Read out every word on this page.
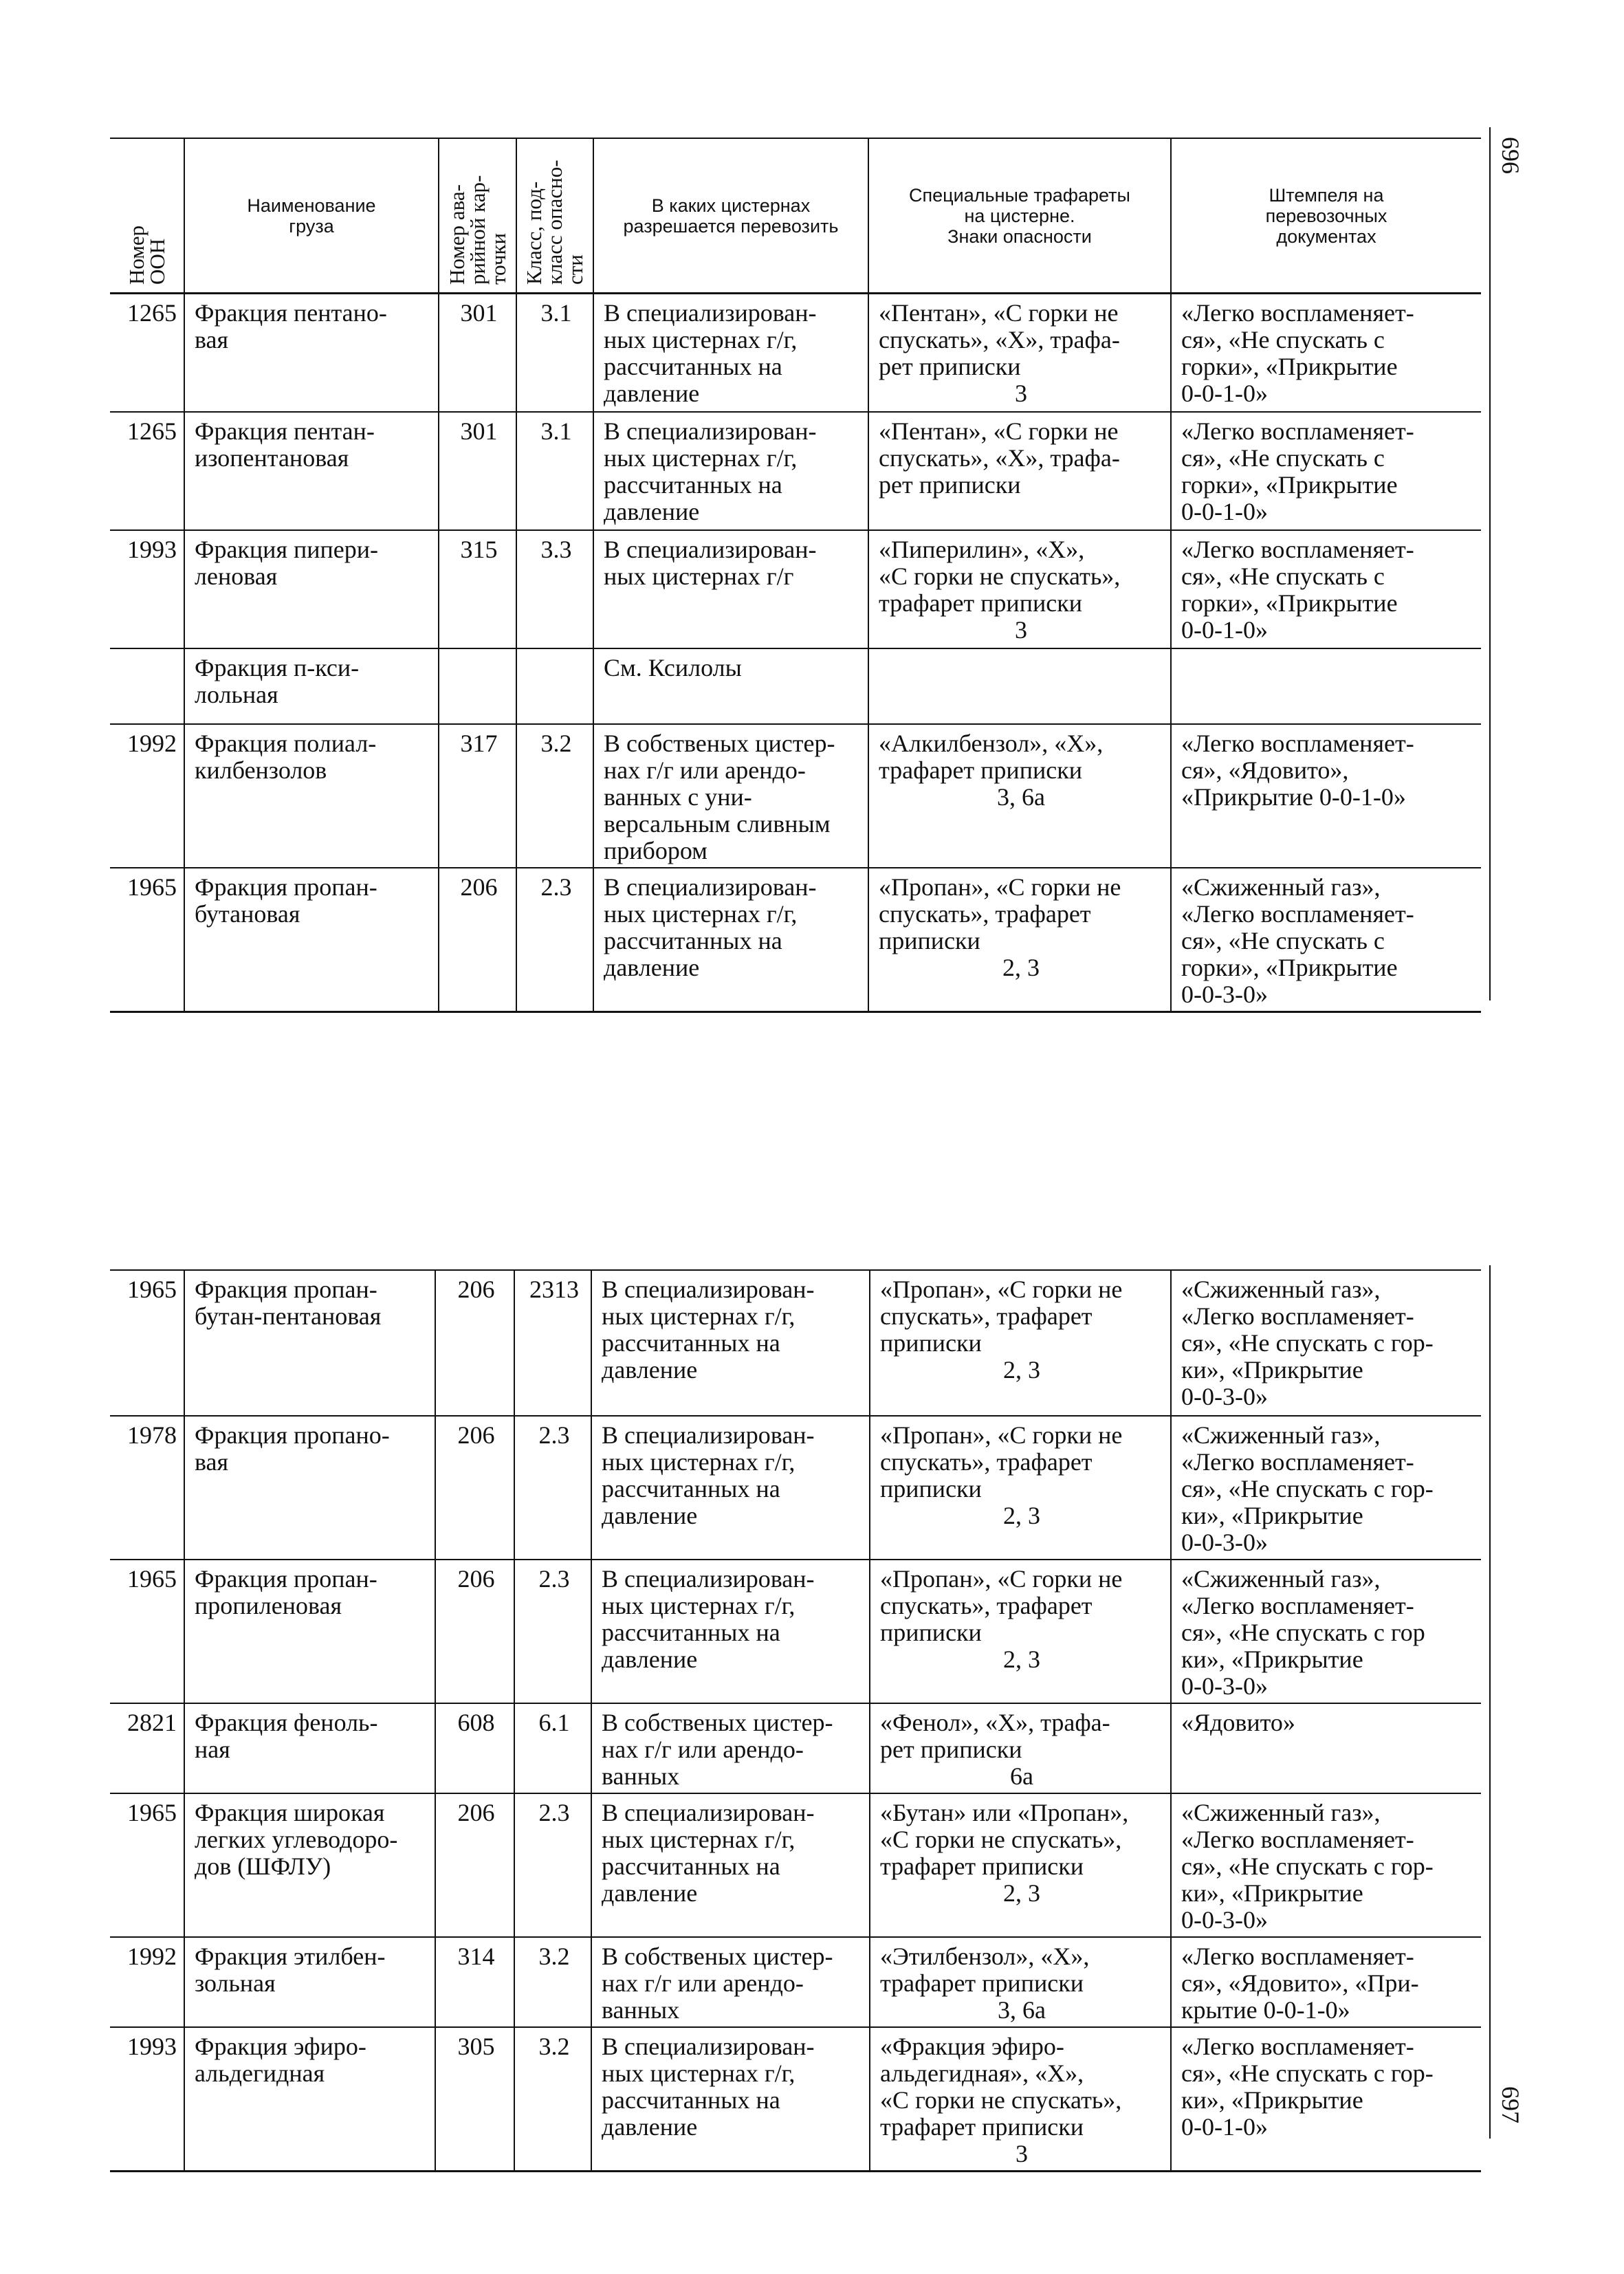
Номер
ООН	Наименование
груза	Номер ава-
рийной кар-
точки	Класс, под-
класс опасно-
сти	В каких цистернах
разрешается перевозить	Специальные трафареты
на цистерне.
Знаки опасности	Штемпеля на
перевозочных
документах
1265	Фракция пентано-
вая	301	3.1	В специализирован-
ных цистернах г/г,
рассчитанных на
давление	«Пентан», «С горки не
спускать», «X», трафа-
рет приписки
3	«Легко воспламеняет-
ся», «Не спускать с
горки», «Прикрытие
0-0-1-0»
1265	Фракция пентан-
изопентановая	301	3.1	В специализирован-
ных цистернах г/г,
рассчитанных на
давление	«Пентан», «С горки не
спускать», «X», трафа-
рет приписки	«Легко воспламеняет-
ся», «Не спускать с
горки», «Прикрытие
0-0-1-0»
1993	Фракция пипери-
леновая	315	3.3	В специализирован-
ных цистернах г/г	«Пиперилин», «X»,
«С горки не спускать»,
трафарет приписки
3	«Легко воспламеняет-
ся», «Не спускать с
горки», «Прикрытие
0-0-1-0»
	Фракция п-кси-
лольная			См. Ксилолы	

1992	Фракция полиал-
килбензолов	317	3.2	В собственых цистер-
нах г/г или арендо-
ванных с уни-
версальным сливным
прибором	«Алкилбензол», «X»,
трафарет приписки
3, 6а	«Легко воспламеняет-
ся», «Ядовито»,
«Прикрытие 0-0-1-0»
1965	Фракция пропан-
бутановая	206	2.3	В специализирован-
ных цистернах г/г,
рассчитанных на
давление	«Пропан», «С горки не
спускать», трафарет
приписки
2, 3	«Сжиженный газ»,
«Легко воспламеняет-
ся», «Не спускать с
горки», «Прикрытие
0-0-3-0»
1965	Фракция пропан-
бутан-пентановая	206	2313	В специализирован-
ных цистернах г/г,
рассчитанных на
давление	«Пропан», «С горки не
спускать», трафарет
приписки
2, 3	«Сжиженный газ»,
«Легко воспламеняет-
ся», «Не спускать с гор-
ки», «Прикрытие
0-0-3-0»
1978	Фракция пропано-
вая	206	2.3	В специализирован-
ных цистернах г/г,
рассчитанных на
давление	«Пропан», «С горки не
спускать», трафарет
приписки
2, 3	«Сжиженный газ»,
«Легко воспламеняет-
ся», «Не спускать с гор-
ки», «Прикрытие
0-0-3-0»
1965	Фракция пропан-
пропиленовая	206	2.3	В специализирован-
ных цистернах г/г,
рассчитанных на
давление	«Пропан», «С горки не
спускать», трафарет
приписки
2, 3	«Сжиженный газ»,
«Легко воспламеняет-
ся», «Не спускать с гор
ки», «Прикрытие
0-0-3-0»
2821	Фракция феноль-
ная	608	6.1	В собственых цистер-
нах г/г или арендо-
ванных	«Фенол», «X», трафа-
рет приписки
6а	«Ядовито»
1965	Фракция широкая
легких углеводоро-
дов (ШФЛУ)	206	2.3	В специализирован-
ных цистернах г/г,
рассчитанных на
давление	«Бутан» или «Пропан»,
«С горки не спускать»,
трафарет приписки
2, 3	«Сжиженный газ»,
«Легко воспламеняет-
ся», «Не спускать с гор-
ки», «Прикрытие
0-0-3-0»
1992	Фракция этилбен-
зольная	314	3.2	В собственых цистер-
нах г/г или арендо-
ванных	«Этилбензол», «X»,
трафарет приписки
3, 6а	«Легко воспламеняет-
ся», «Ядовито», «При-
крытие 0-0-1-0»
1993	Фракция эфиро-
альдегидная	305	3.2	В специализирован-
ных цистернах г/г,
рассчитанных на
давление	«Фракция эфиро-
альдегидная», «X»,
«С горки не спускать»,
трафарет приписки
3	«Легко воспламеняет-
ся», «Не спускать с гор-
ки», «Прикрытие
0-0-1-0»
696
697
